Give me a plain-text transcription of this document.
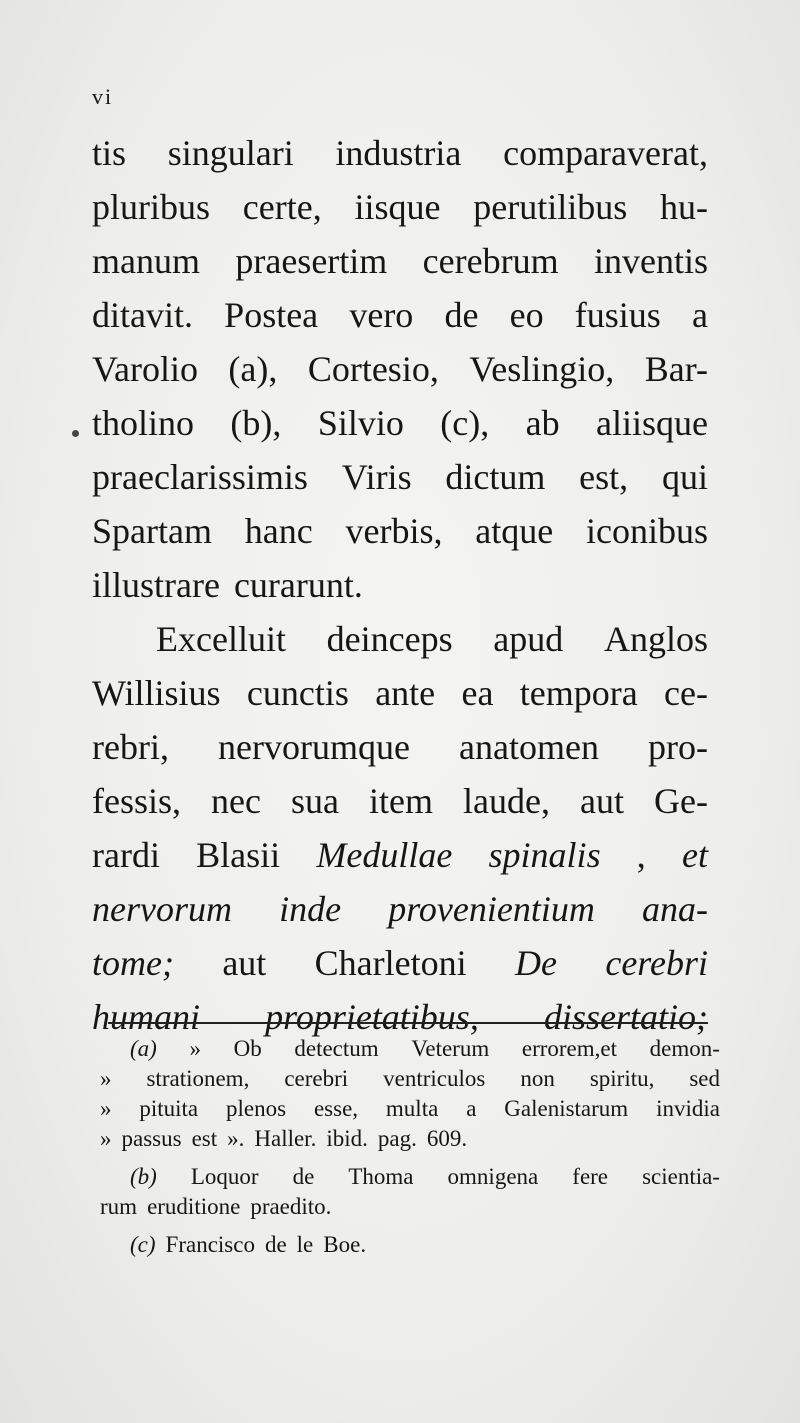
vi
tis singulari industria comparaverat,
pluribus certe, iisque perutilibus hu-
manum praesertim cerebrum inventis
ditavit. Postea vero de eo fusius a
Varolio (a), Cortesio, Veslingio, Bar-
tholino (b), Silvio (c), ab aliisque
praeclarissimis Viris dictum est, qui
Spartam hanc verbis, atque iconibus
illustrare curarunt.
Excelluit deinceps apud Anglos
Willisius cunctis ante ea tempora ce-
rebri, nervorumque anatomen pro-
fessis, nec sua item laude, aut Ge-
rardi Blasii Medullae spinalis , et
nervorum inde provenientium ana-
tome; aut Charletoni De cerebri
humani proprietatibus, dissertatio;
(a) » Ob detectum Veterum errorem,et demon-
» strationem, cerebri ventriculos non spiritu, sed
» pituita plenos esse, multa a Galenistarum invidia
» passus est ». Haller. ibid. pag. 609.
(b) Loquor de Thoma omnigena fere scientia-
rum eruditione praedito.
(c) Francisco de le Boe.
